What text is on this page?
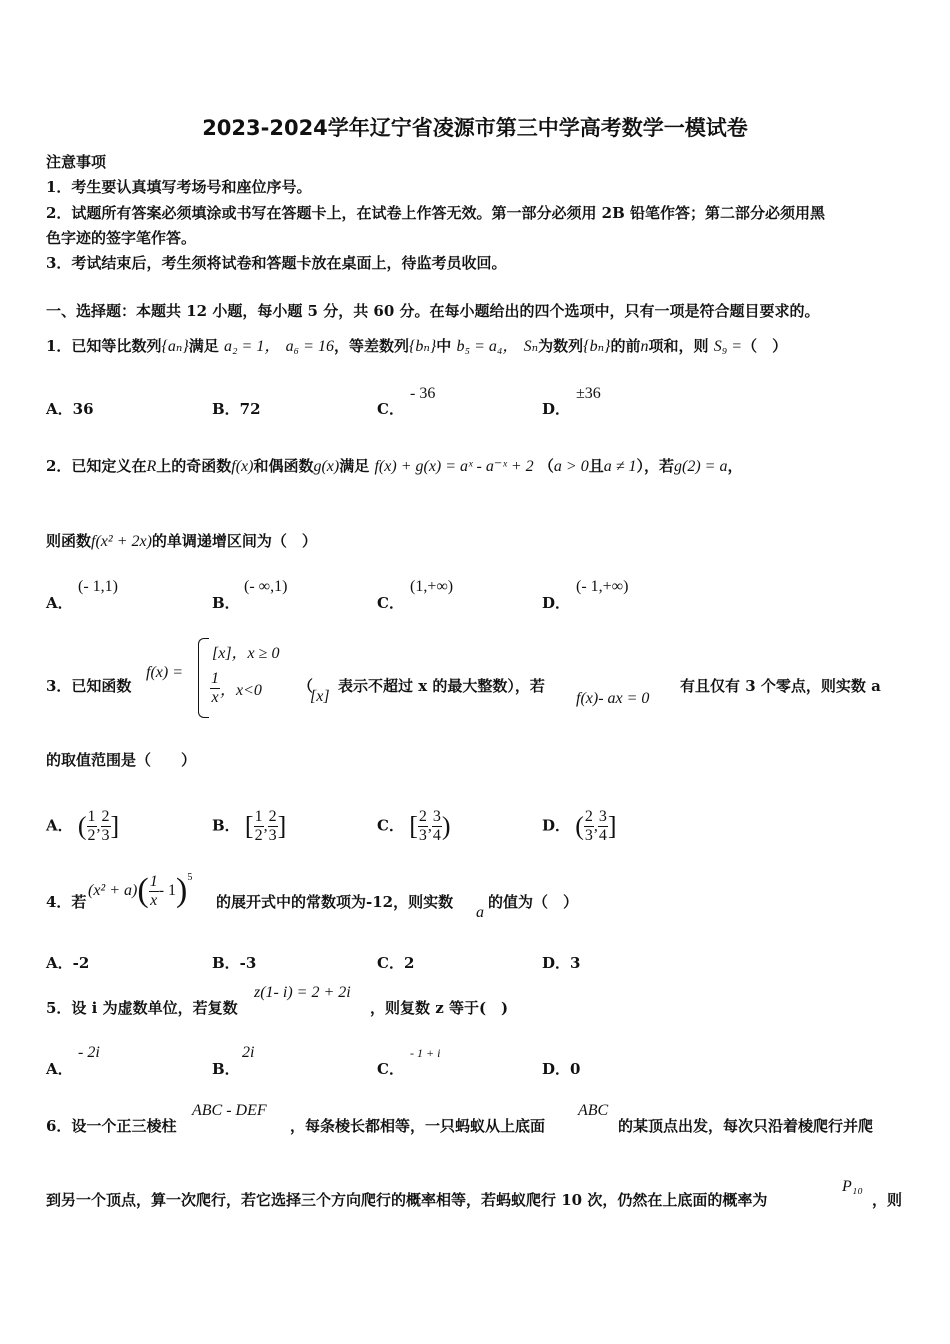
2023-2024学年辽宁省凌源市第三中学高考数学一模试卷
注意事项
1．考生要认真填写考场号和座位序号。
2．试题所有答案必须填涂或书写在答题卡上，在试卷上作答无效。第一部分必须用 2B 铅笔作答；第二部分必须用黑
色字迹的签字笔作答。
3．考试结束后，考生须将试卷和答题卡放在桌面上，待监考员收回。
一、选择题：本题共 12 小题，每小题 5 分，共 60 分。在每小题给出的四个选项中，只有一项是符合题目要求的。
1．已知等比数列{aₙ}满足 a₂ = 1， a₆ = 16，等差数列{bₙ}中 b₅ = a₄， Sₙ为数列{bₙ}的前n项和，则 S₉ =（　）
A．36	B．72	C．
- 36
D．
±36
2．已知定义在R上的奇函数f(x)和偶函数g(x)满足 f(x) + g(x) = aˣ - a⁻ˣ + 2 （a > 0且a ≠ 1），若g(2) = a，
则函数f(x² + 2x)的单调递增区间为（　）
A．
(- 1,1)
B．
(- ∞,1)
C．
(1,+∞)
D．
(- 1,+∞)
3．已知函数
f(x) =
[x]，x ≥ 0
$\frac{1}{x}$ ，x<0 （
[x]
表示不超过 x 的最大整数），若
f(x)- ax = 0
有且仅有 3 个零点，则实数 a
的取值范围是（　　）
A． ( $\frac{1}{2}$ , $\frac{2}{3}$ ]	B． [ $\frac{1}{2}$ , $\frac{2}{3}$ ]	C． [ $\frac{2}{3}$ , $\frac{3}{4}$ )	D． ( $\frac{2}{3}$ , $\frac{3}{4}$ ]
4．若
$(x^2 + a)( \frac{1}{x} - 1)^5$
的展开式中的常数项为-12，则实数
a
的值为（　）
A．-2	B．-3	C．2	D．3
5．设 i 为虚数单位，若复数
z(1- i) = 2 + 2i
，则复数 z 等于(　)
A．
- 2i
B．
2i
C．
- 1 + i
D．0
6．设一个正三棱柱
ABC - DEF
，每条棱长都相等，一只蚂蚁从上底面
ABC
的某顶点出发，每次只沿着棱爬行并爬
到另一个顶点，算一次爬行，若它选择三个方向爬行的概率相等，若蚂蚁爬行 10 次，仍然在上底面的概率为
P₁₀
，则
